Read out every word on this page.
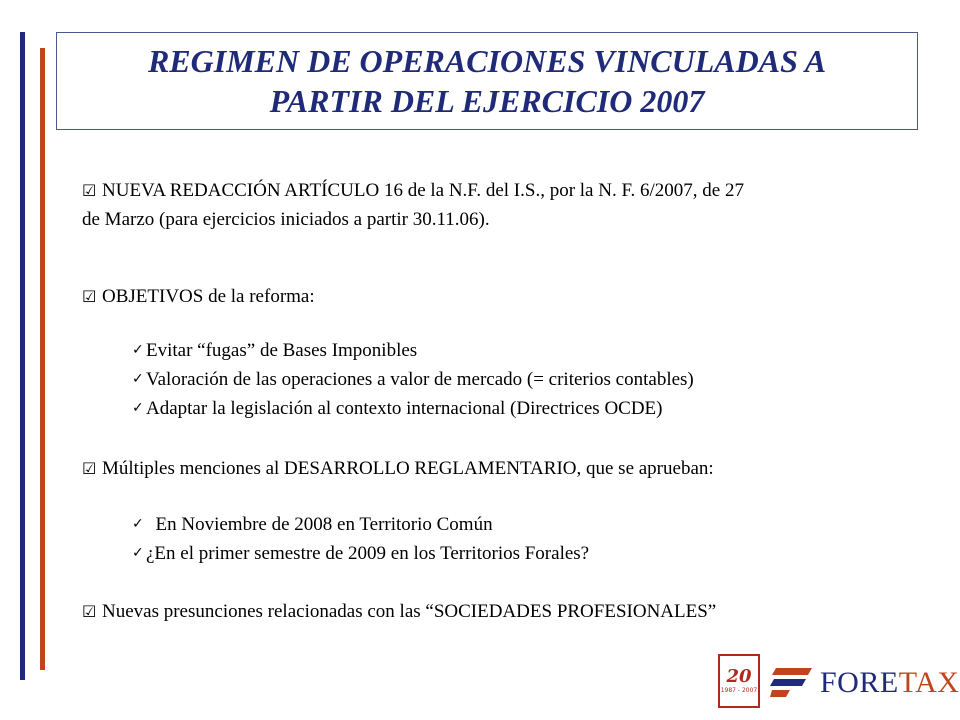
REGIMEN DE OPERACIONES VINCULADAS A
PARTIR DEL EJERCICIO 2007

☑ NUEVA REDACCIÓN ARTÍCULO 16 de la N.F. del I.S., por la N. F. 6/2007, de 27
de Marzo (para ejercicios iniciados a partir 30.11.06).
☑ OBJETIVOS de la reforma:
✓ Evitar “fugas” de Bases Imponibles
✓ Valoración de las operaciones a valor de mercado (= criterios contables)
✓ Adaptar la legislación al contexto internacional (Directrices OCDE)
☑ Múltiples menciones al DESARROLLO REGLAMENTARIO, que se aprueban:
✓ En Noviembre de 2008 en Territorio Común
✓ ¿En el primer semestre de 2009 en los Territorios Forales?
☑ Nuevas presunciones relacionadas con las “SOCIEDADES PROFESIONALES”
20
1987 - 2007 FORETAX
